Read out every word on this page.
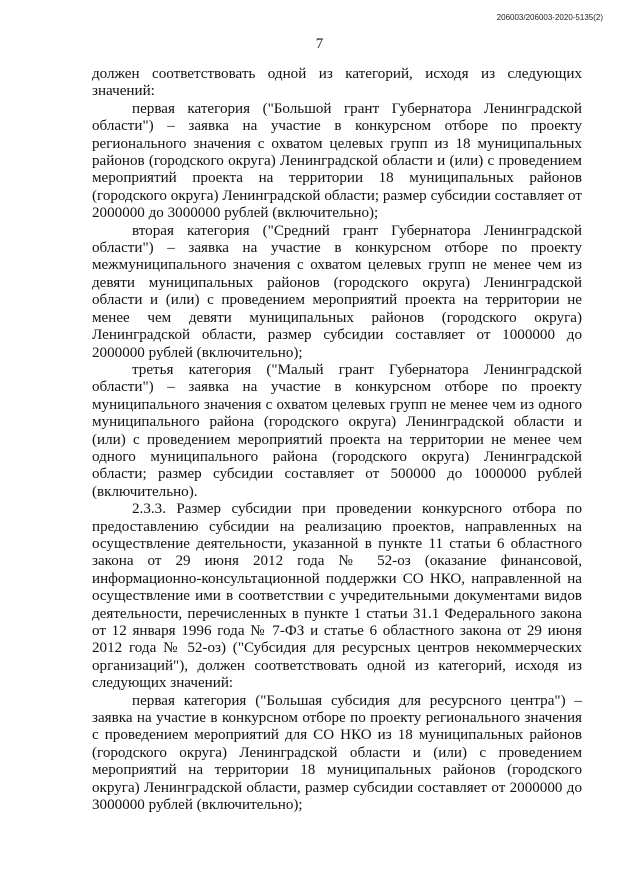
206003/206003-2020-5135(2)
7

должен соответствовать одной из категорий, исходя из следующих значений:

первая категория ("Большой грант Губернатора Ленинградской области") – заявка на участие в конкурсном отборе по проекту регионального значения с охватом целевых групп из 18 муниципальных районов (городского округа) Ленинградской области и (или) с проведением мероприятий проекта на территории 18 муниципальных районов (городского округа) Ленинградской области; размер субсидии составляет от 2000000 до 3000000 рублей (включительно);

вторая категория ("Средний грант Губернатора Ленинградской области") – заявка на участие в конкурсном отборе по проекту межмуниципального значения с охватом целевых групп не менее чем из девяти муниципальных районов (городского округа) Ленинградской области и (или) с проведением мероприятий проекта на территории не менее чем девяти муниципальных районов (городского округа) Ленинградской области, размер субсидии составляет от 1000000 до 2000000 рублей (включительно);

третья категория ("Малый грант Губернатора Ленинградской области") – заявка на участие в конкурсном отборе по проекту муниципального значения с охватом целевых групп не менее чем из одного муниципального района (городского округа) Ленинградской области и (или) с проведением мероприятий проекта на территории не менее чем одного муниципального района (городского округа) Ленинградской области; размер субсидии составляет от 500000 до 1000000 рублей (включительно).

2.3.3. Размер субсидии при проведении конкурсного отбора по предоставлению субсидии на реализацию проектов, направленных на осуществление деятельности, указанной в пункте 11 статьи 6 областного закона от 29 июня 2012 года № 52-оз (оказание финансовой, информационно-консультационной поддержки СО НКО, направленной на осуществление ими в соответствии с учредительными документами видов деятельности, перечисленных в пункте 1 статьи 31.1 Федерального закона от 12 января 1996 года № 7-ФЗ и статье 6 областного закона от 29 июня 2012 года № 52-оз) ("Субсидия для ресурсных центров некоммерческих организаций"), должен соответствовать одной из категорий, исходя из следующих значений:

первая категория ("Большая субсидия для ресурсного центра") – заявка на участие в конкурсном отборе по проекту регионального значения с проведением мероприятий для СО НКО из 18 муниципальных районов (городского округа) Ленинградской области и (или) с проведением мероприятий на территории 18 муниципальных районов (городского округа) Ленинградской области, размер субсидии составляет от 2000000 до 3000000 рублей (включительно);
